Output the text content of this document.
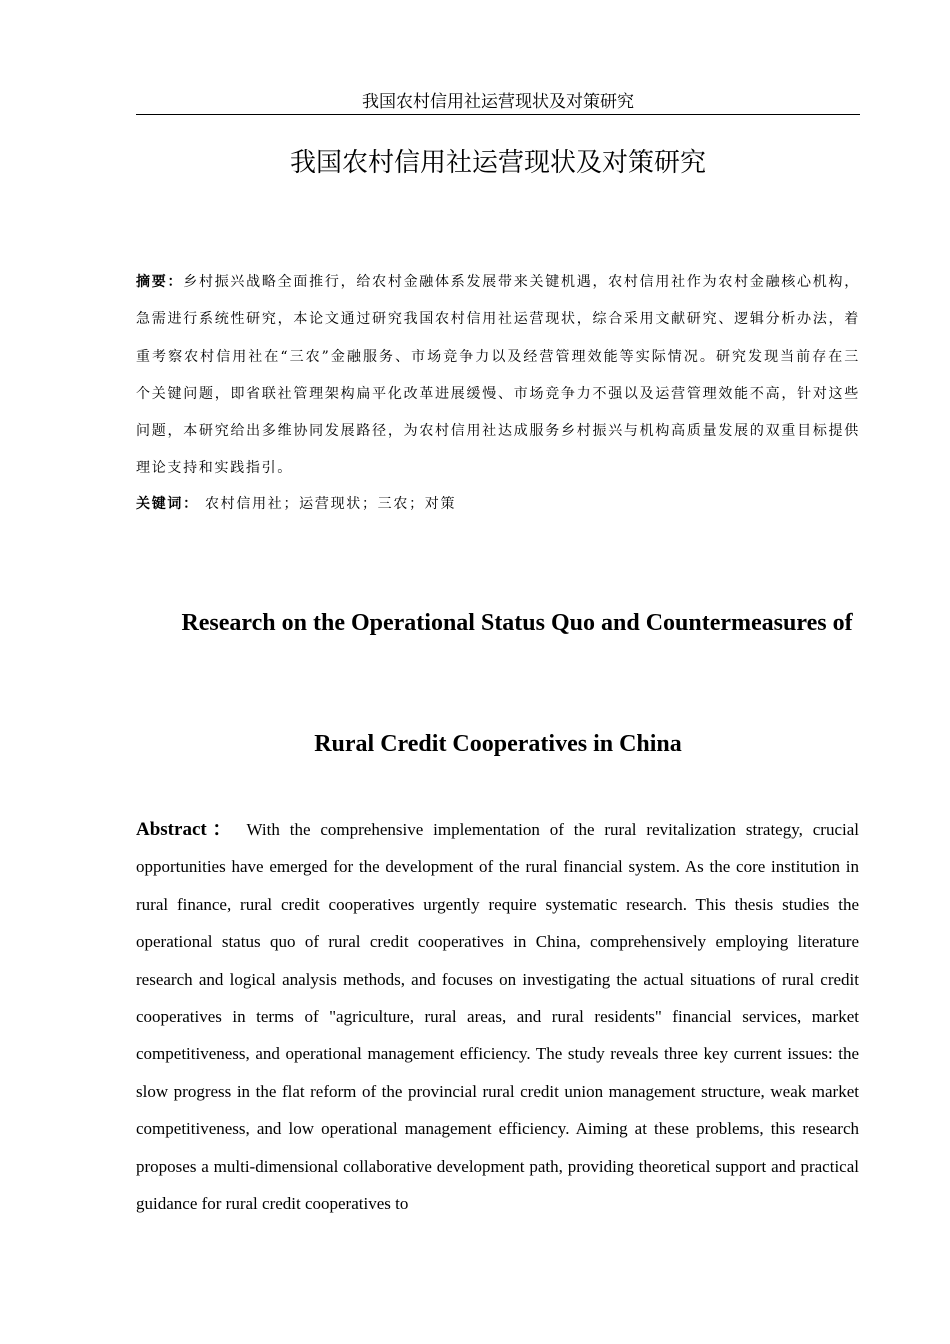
我国农村信用社运营现状及对策研究
我国农村信用社运营现状及对策研究
摘要：乡村振兴战略全面推行，给农村金融体系发展带来关键机遇，农村信用社作为农村金融核心机构，急需进行系统性研究，本论文通过研究我国农村信用社运营现状，综合采用文献研究、逻辑分析办法，着重考察农村信用社在“三农”金融服务、市场竞争力以及经营管理效能等实际情况。研究发现当前存在三个关键问题，即省联社管理架构扁平化改革进展缓慢、市场竞争力不强以及运营管理效能不高，针对这些问题，本研究给出多维协同发展路径，为农村信用社达成服务乡村振兴与机构高质量发展的双重目标提供理论支持和实践指引。
关键词： 农村信用社；运营现状；三农；对策
Research on the Operational Status Quo and Countermeasures of
Rural Credit Cooperatives in China
Abstract： With the comprehensive implementation of the rural revitalization strategy, crucial opportunities have emerged for the development of the rural financial system. As the core institution in rural finance, rural credit cooperatives urgently require systematic research. This thesis studies the operational status quo of rural credit cooperatives in China, comprehensively employing literature research and logical analysis methods, and focuses on investigating the actual situations of rural credit cooperatives in terms of "agriculture, rural areas, and rural residents" financial services, market competitiveness, and operational management efficiency. The study reveals three key current issues: the slow progress in the flat reform of the provincial rural credit union management structure, weak market competitiveness, and low operational management efficiency. Aiming at these problems, this research proposes a multi-dimensional collaborative development path, providing theoretical support and practical guidance for rural credit cooperatives to
